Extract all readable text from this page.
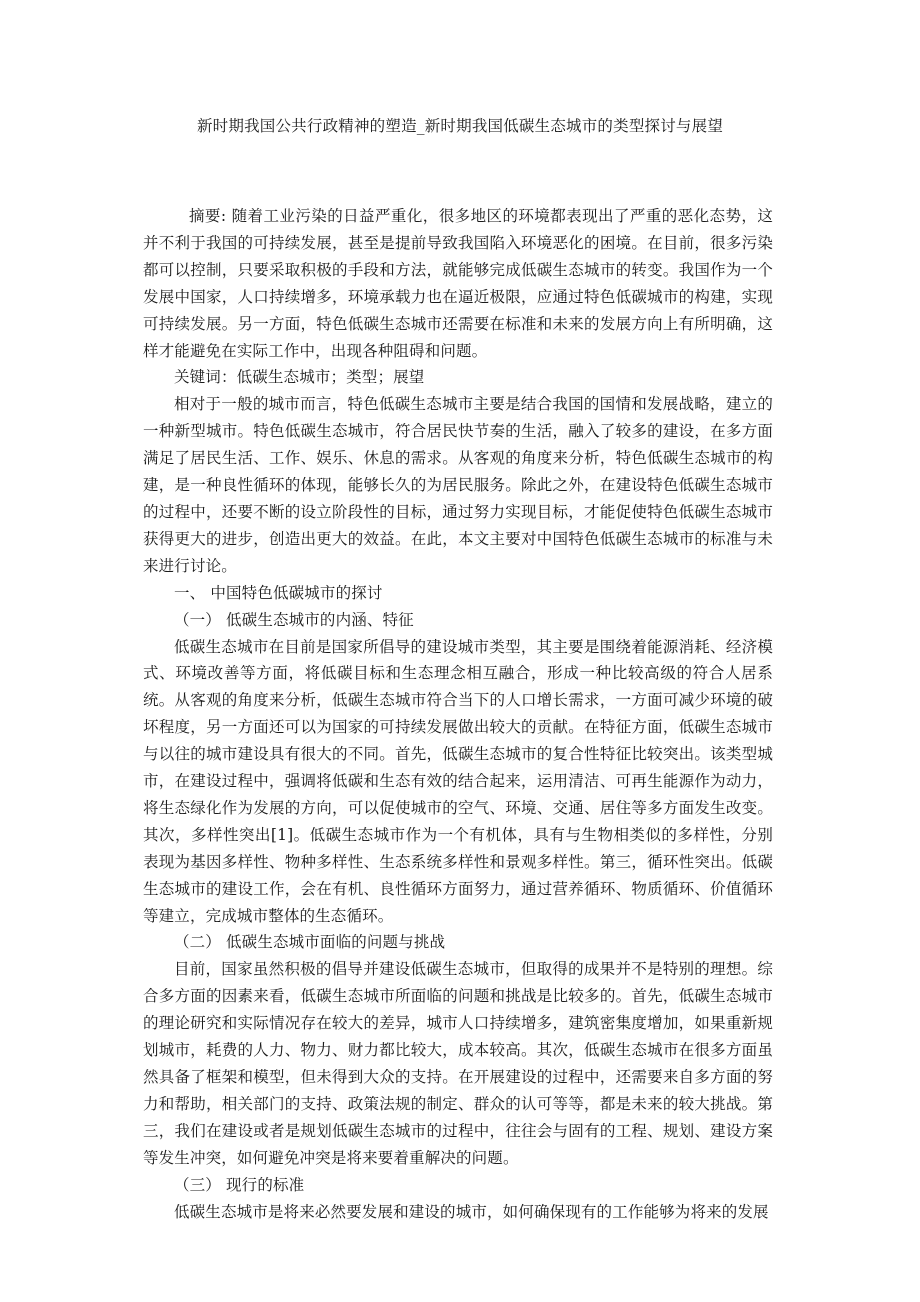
新时期我国公共行政精神的塑造_新时期我国低碳生态城市的类型探讨与展望

摘要: 随着工业污染的日益严重化，很多地区的环境都表现出了严重的恶化态势，这并不利于我国的可持续发展，甚至是提前导致我国陷入环境恶化的困境。在目前，很多污染都可以控制，只要采取积极的手段和方法，就能够完成低碳生态城市的转变。我国作为一个发展中国家，人口持续增多，环境承载力也在逼近极限，应通过特色低碳城市的构建，实现可持续发展。另一方面，特色低碳生态城市还需要在标准和未来的发展方向上有所明确，这样才能避免在实际工作中，出现各种阻碍和问题。

关键词：低碳生态城市；类型；展望

相对于一般的城市而言，特色低碳生态城市主要是结合我国的国情和发展战略，建立的一种新型城市。特色低碳生态城市，符合居民快节奏的生活，融入了较多的建设，在多方面满足了居民生活、工作、娱乐、休息的需求。从客观的角度来分析，特色低碳生态城市的构建，是一种良性循环的体现，能够长久的为居民服务。除此之外，在建设特色低碳生态城市的过程中，还要不断的设立阶段性的目标，通过努力实现目标，才能促使特色低碳生态城市获得更大的进步，创造出更大的效益。在此，本文主要对中国特色低碳生态城市的标准与未来进行讨论。

一、 中国特色低碳城市的探讨

（一） 低碳生态城市的内涵、特征

低碳生态城市在目前是国家所倡导的建设城市类型，其主要是围绕着能源消耗、经济模式、环境改善等方面，将低碳目标和生态理念相互融合，形成一种比较高级的符合人居系统。从客观的角度来分析，低碳生态城市符合当下的人口增长需求，一方面可减少环境的破坏程度，另一方面还可以为国家的可持续发展做出较大的贡献。在特征方面，低碳生态城市与以往的城市建设具有很大的不同。首先，低碳生态城市的复合性特征比较突出。该类型城市，在建设过程中，强调将低碳和生态有效的结合起来，运用清洁、可再生能源作为动力，将生态绿化作为发展的方向，可以促使城市的空气、环境、交通、居住等多方面发生改变。其次，多样性突出[1]。低碳生态城市作为一个有机体，具有与生物相类似的多样性，分别表现为基因多样性、物种多样性、生态系统多样性和景观多样性。第三，循环性突出。低碳生态城市的建设工作，会在有机、良性循环方面努力，通过营养循环、物质循环、价值循环等建立，完成城市整体的生态循环。

（二） 低碳生态城市面临的问题与挑战

目前，国家虽然积极的倡导并建设低碳生态城市，但取得的成果并不是特别的理想。综合多方面的因素来看，低碳生态城市所面临的问题和挑战是比较多的。首先，低碳生态城市的理论研究和实际情况存在较大的差异，城市人口持续增多，建筑密集度增加，如果重新规划城市，耗费的人力、物力、财力都比较大，成本较高。其次，低碳生态城市在很多方面虽然具备了框架和模型，但未得到大众的支持。在开展建设的过程中，还需要来自多方面的努力和帮助，相关部门的支持、政策法规的制定、群众的认可等等，都是未来的较大挑战。第三，我们在建设或者是规划低碳生态城市的过程中，往往会与固有的工程、规划、建设方案等发生冲突，如何避免冲突是将来要着重解决的问题。

（三） 现行的标准

低碳生态城市是将来必然要发展和建设的城市，如何确保现有的工作能够为将来的发展
